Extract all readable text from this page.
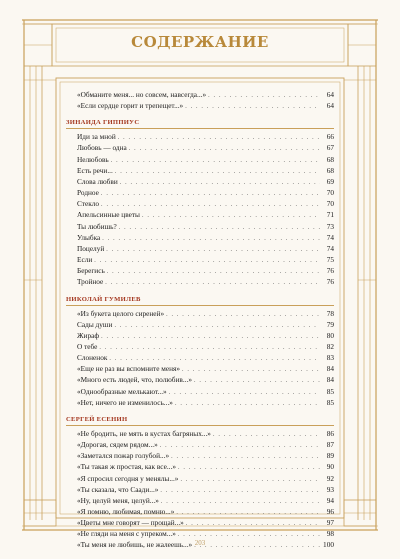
СОДЕРЖАНИЕ
«Обманите меня... но совсем, навсегда...» . . .	64
«Если сердце горит и трепещет...» . . .	64
ЗИНАИДА ГИППИУС
Иди за мной . . .	66
Любовь — одна . . .	67
Нелюбовь . . .	68
Есть речи... . . .	68
Слова любви . . .	69
Родное . . .	70
Стекло . . .	70
Апельсинные цветы . . .	71
Ты любишь? . . .	73
Улыбка . . .	74
Поцелуй . . .	74
Если . . .	75
Берегись . . .	76
Тройное . . .	76
НИКОЛАЙ ГУМИЛЕВ
«Из букета целого сиреней» . . .	78
Сады души . . .	79
Жираф . . .	80
О тебе . . .	82
Слоненок . . .	83
«Еще не раз вы вспомните меня» . . .	84
«Много есть людей, что, полюбив...» . . .	84
«Однообразные мелькают...» . . .	85
«Нет, ничего не изменилось...» . . .	85
СЕРГЕЙ ЕСЕНИН
«Не бродить, не мять в кустах багряных...» . . .	86
«Дорогая, сядем рядом...» . . .	87
«Заметался пожар голубой...» . . .	89
«Ты такая ж простая, как все...» . . .	90
«Я спросил сегодня у менялы...» . . .	92
«Ты сказала, что Саади...» . . .	93
«Ну, целуй меня, целуй...» . . .	94
«Я помню, любимая, помню...» . . .	96
«Цветы мне говорят — прощай...» . . .	97
«Не гляди на меня с упреком...» . . .	98
«Ты меня не любишь, не жалеешь...» . . .	100
203
